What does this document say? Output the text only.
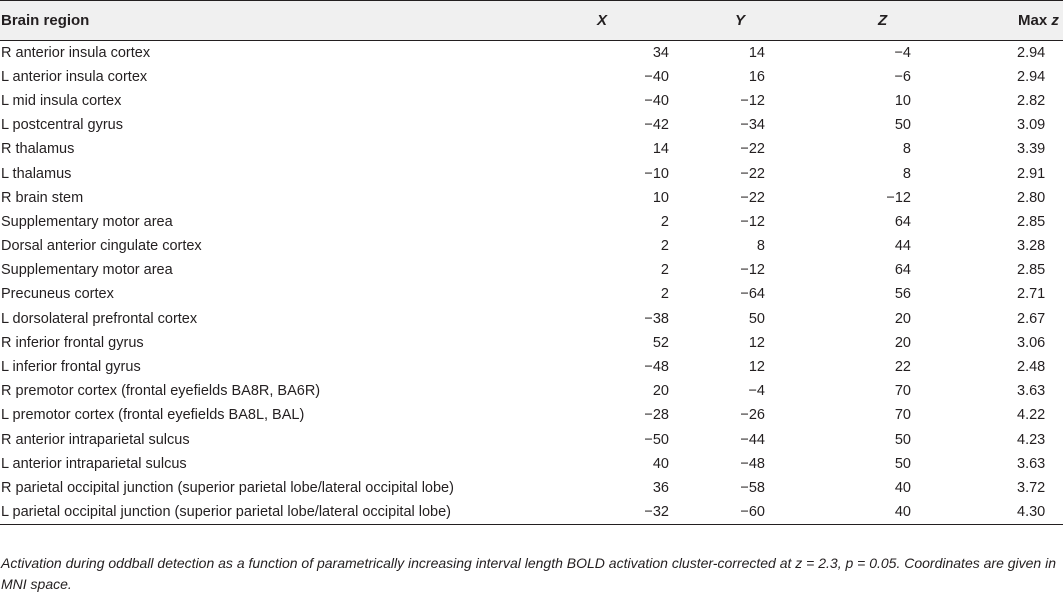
Brain region	X	Y	Z	Max z
R anterior insula cortex	34	14	−4	2.94
L anterior insula cortex	−40	16	−6	2.94
L mid insula cortex	−40	−12	10	2.82
L postcentral gyrus	−42	−34	50	3.09
R thalamus	14	−22	8	3.39
L thalamus	−10	−22	8	2.91
R brain stem	10	−22	−12	2.80
Supplementary motor area	2	−12	64	2.85
Dorsal anterior cingulate cortex	2	8	44	3.28
Supplementary motor area	2	−12	64	2.85
Precuneus cortex	2	−64	56	2.71
L dorsolateral prefrontal cortex	−38	50	20	2.67
R inferior frontal gyrus	52	12	20	3.06
L inferior frontal gyrus	−48	12	22	2.48
R premotor cortex (frontal eyefields BA8R, BA6R)	20	−4	70	3.63
L premotor cortex (frontal eyefields BA8L, BAL)	−28	−26	70	4.22
R anterior intraparietal sulcus	−50	−44	50	4.23
L anterior intraparietal sulcus	40	−48	50	3.63
R parietal occipital junction (superior parietal lobe/lateral occipital lobe)	36	−58	40	3.72
L parietal occipital junction (superior parietal lobe/lateral occipital lobe)	−32	−60	40	4.30
Activation during oddball detection as a function of parametrically increasing interval length BOLD activation cluster-corrected at z = 2.3, p = 0.05. Coordinates are given in MNI space.
